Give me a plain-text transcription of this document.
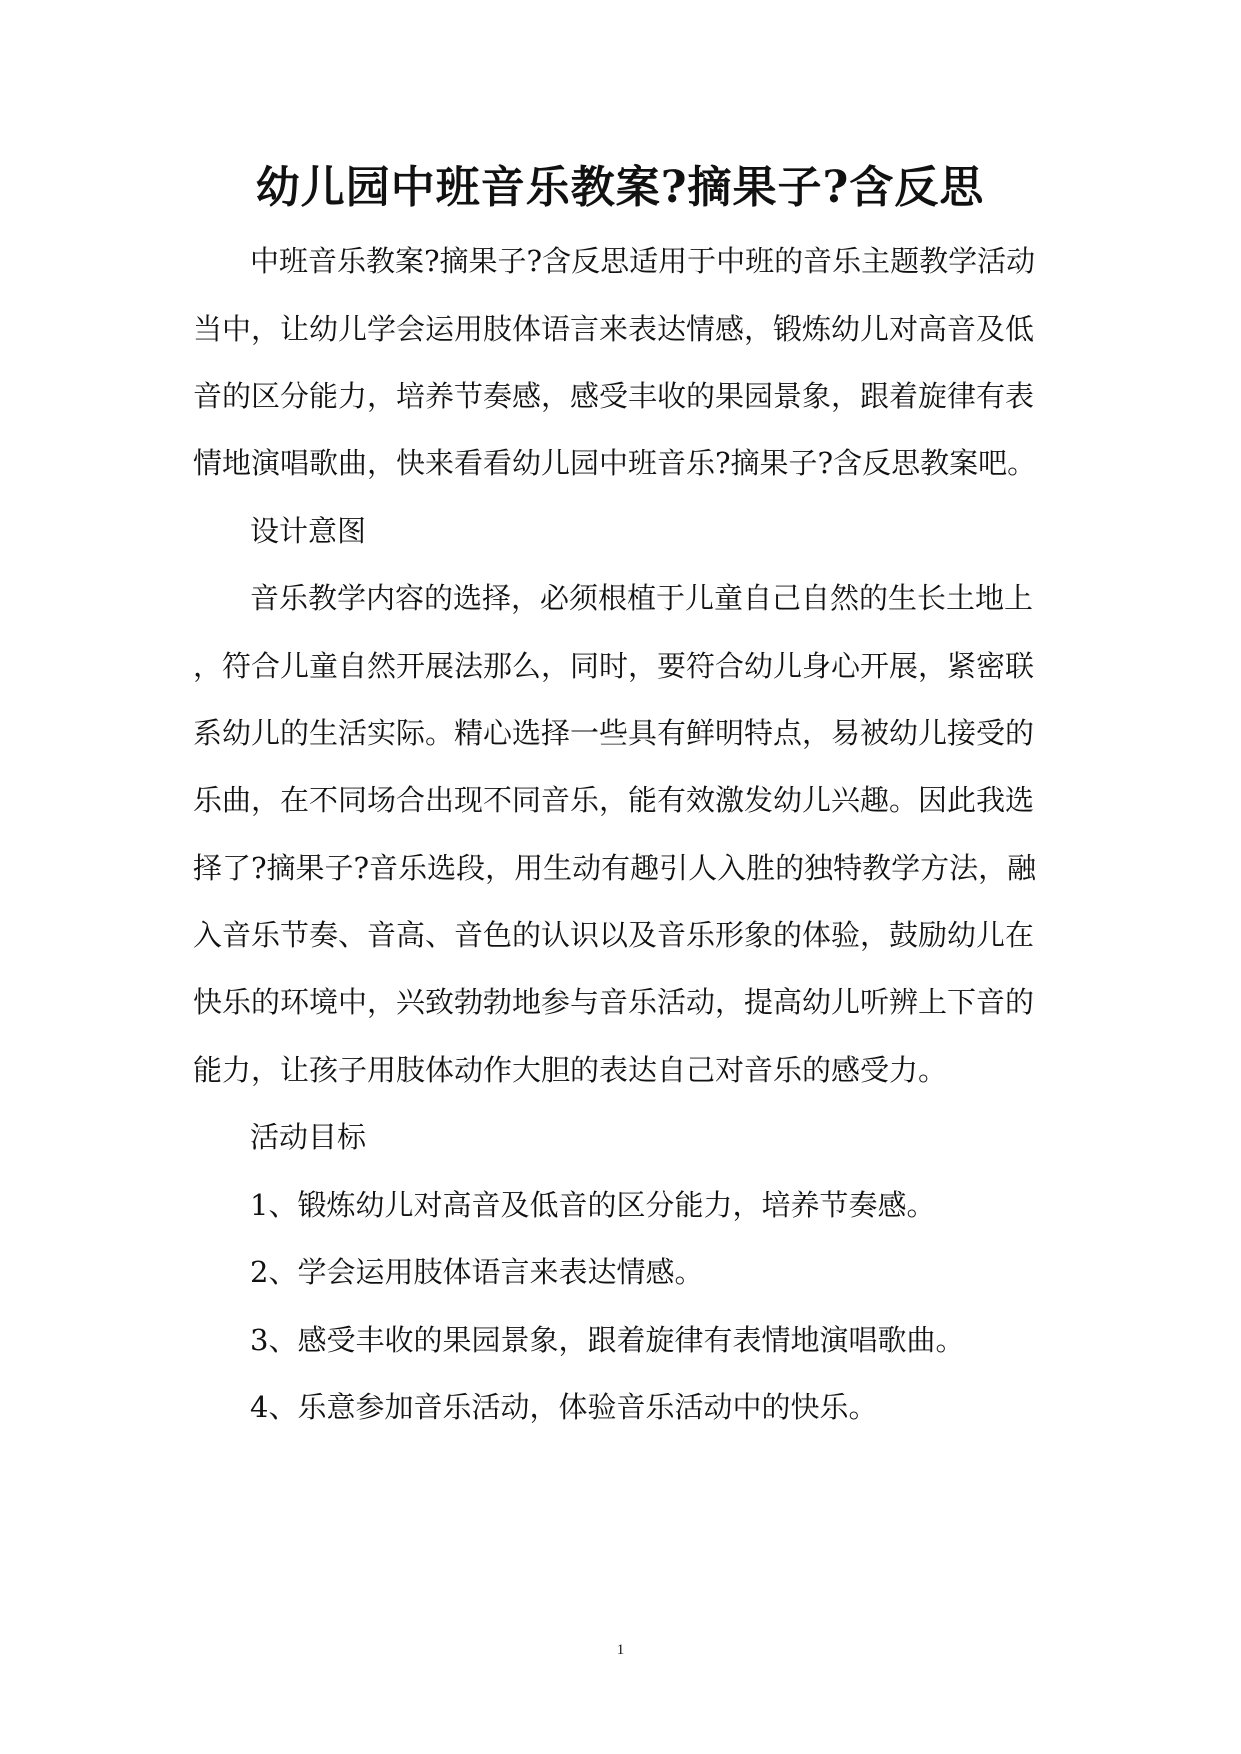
幼儿园中班音乐教案?摘果子?含反思
中班音乐教案?摘果子?含反思适用于中班的音乐主题教学活动
当中，让幼儿学会运用肢体语言来表达情感，锻炼幼儿对高音及低
音的区分能力，培养节奏感，感受丰收的果园景象，跟着旋律有表
情地演唱歌曲，快来看看幼儿园中班音乐?摘果子?含反思教案吧。
设计意图
音乐教学内容的选择，必须根植于儿童自己自然的生长土地上
，符合儿童自然开展法那么，同时，要符合幼儿身心开展，紧密联
系幼儿的生活实际。精心选择一些具有鲜明特点，易被幼儿接受的
乐曲，在不同场合出现不同音乐，能有效激发幼儿兴趣。因此我选
择了?摘果子?音乐选段，用生动有趣引人入胜的独特教学方法，融
入音乐节奏、音高、音色的认识以及音乐形象的体验，鼓励幼儿在
快乐的环境中，兴致勃勃地参与音乐活动，提高幼儿听辨上下音的
能力，让孩子用肢体动作大胆的表达自己对音乐的感受力。
活动目标
1、锻炼幼儿对高音及低音的区分能力，培养节奏感。
2、学会运用肢体语言来表达情感。
3、感受丰收的果园景象，跟着旋律有表情地演唱歌曲。
4、乐意参加音乐活动，体验音乐活动中的快乐。
1
